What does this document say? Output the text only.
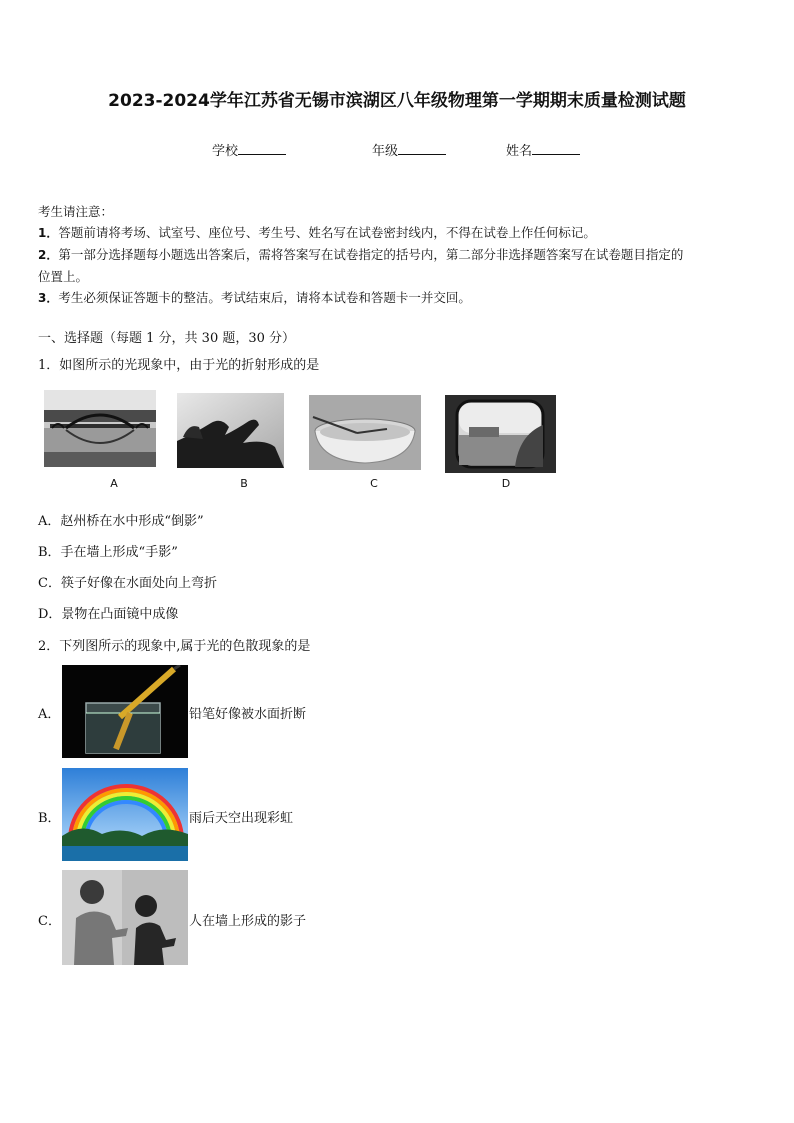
2023-2024学年江苏省无锡市滨湖区八年级物理第一学期期末质量检测试题
学校	年级	姓名

考生请注意：

1．答题前请将考场、试室号、座位号、考生号、姓名写在试卷密封线内，不得在试卷上作任何标记。

2．第一部分选择题每小题选出答案后，需将答案写在试卷指定的括号内，第二部分非选择题答案写在试卷题目指定的

位置上。

3．考生必须保证答题卡的整洁。考试结束后，请将本试卷和答题卡一并交回。

一、选择题（每题 1 分，共 30 题，30 分）
1．如图所示的光现象中，由于光的折射形成的是
A	B	C	D
A．赵州桥在水中形成“倒影”
B．手在墙上形成“手影”
C．筷子好像在水面处向上弯折
D．景物在凸面镜中成像
2．下列图所示的现象中,属于光的色散现象的是
A．	铅笔好像被水面折断
B．	雨后天空出现彩虹
C．	人在墙上形成的影子
